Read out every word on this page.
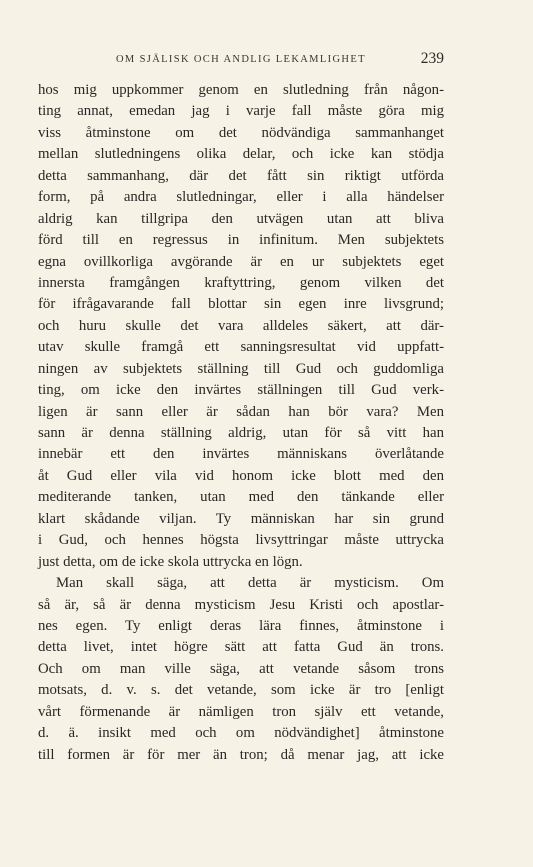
OM SJÄLISK OCH ANDLIG LEKAMLIGHET	239
hos mig uppkommer genom en slutledning från någon-
ting annat, emedan jag i varje fall måste göra mig
viss åtminstone om det nödvändiga sammanhanget
mellan slutledningens olika delar, och icke kan stödja
detta sammanhang, där det fått sin riktigt utförda
form, på andra slutledningar, eller i alla händelser
aldrig kan tillgripa den utvägen utan att bliva
förd till en regressus in infinitum. Men subjektets
egna ovillkorliga avgörande är en ur subjektets eget
innersta framgången kraftyttring, genom vilken det
för ifrågavarande fall blottar sin egen inre livsgrund;
och huru skulle det vara alldeles säkert, att där-
utav skulle framgå ett sanningsresultat vid uppfatt-
ningen av subjektets ställning till Gud och guddomliga
ting, om icke den invärtes ställningen till Gud verk-
ligen är sann eller är sådan han bör vara? Men
sann är denna ställning aldrig, utan för så vitt han
innebär ett den invärtes människans överlåtande
åt Gud eller vila vid honom icke blott med den
mediterande tanken, utan med den tänkande eller
klart skådande viljan. Ty människan har sin grund
i Gud, och hennes högsta livsyttringar måste uttrycka
just detta, om de icke skola uttrycka en lögn.
Man skall säga, att detta är mysticism. Om
så är, så är denna mysticism Jesu Kristi och apostlar-
nes egen. Ty enligt deras lära finnes, åtminstone i
detta livet, intet högre sätt att fatta Gud än trons.
Och om man ville säga, att vetande såsom trons
motsats, d. v. s. det vetande, som icke är tro [enligt
vårt förmenande är nämligen tron själv ett vetande,
d. ä. insikt med och om nödvändighet] åtminstone
till formen är för mer än tron; då menar jag, att icke
